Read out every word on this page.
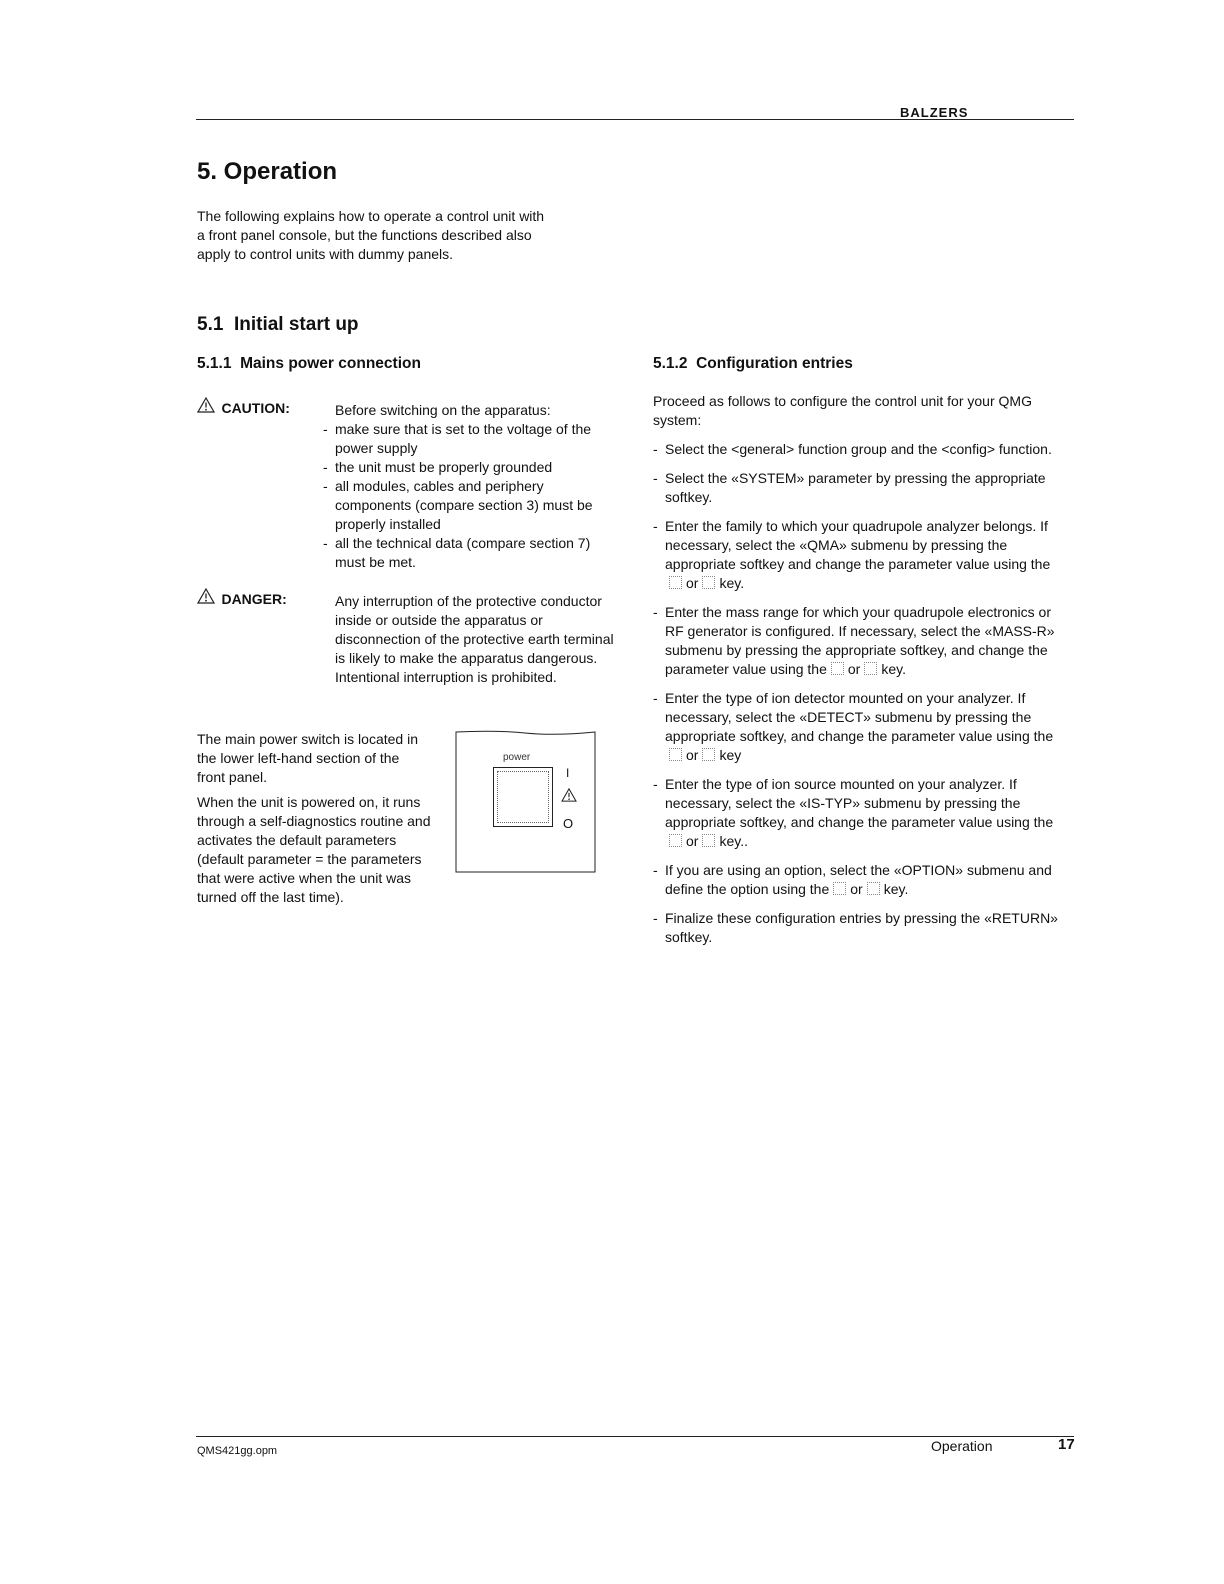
BALZERS
5. Operation
The following explains how to operate a control unit with
a front panel console, but the functions described also
apply to control units with dummy panels.
5.1  Initial start up
5.1.1  Mains power connection
CAUTION:	Before switching on the apparatus:
- make sure that is set to the voltage of the power supply
- the unit must be properly grounded
- all modules, cables and periphery components (compare section 3) must be properly installed
- all the technical data (compare section 7) must be met.
DANGER:	Any interruption of the protective conductor inside or outside the apparatus or disconnection of the protective earth terminal is likely to make the apparatus dangerous. Intentional interruption is prohibited.
The main power switch is located in the lower left-hand section of the front panel.
When the unit is powered on, it runs through a self-diagnostics routine and activates the default parameters (default parameter = the parameters that were active when the unit was turned off the last time).
power
I
O
5.1.2  Configuration entries
Proceed as follows to configure the control unit for your QMG system:
- Select the <general> function group and the <config> function.
- Select the «SYSTEM» parameter by pressing the appropriate softkey.
- Enter the family to which your quadrupole analyzer belongs. If necessary, select the «QMA» submenu by pressing the appropriate softkey and change the parameter value using theor key.
- Enter the mass range for which your quadrupole electronics or RF generator is configured. If necessary, select the «MASS-R» submenu by pressing the appropriate softkey, and change the parameter value using the or key.
- Enter the type of ion detector mounted on your analyzer. If necessary, select the «DETECT» submenu by pressing the appropriate softkey, and change the parameter value using theor key
- Enter the type of ion source mounted on your analyzer. If necessary, select the «IS-TYP» submenu by pressing the appropriate softkey, and change the parameter value using theor key..
- If you are using an option, select the «OPTION» submenu and define the option using the or key.
- Finalize these configuration entries by pressing the «RETURN» softkey.
QMS421gg.opm	Operation	17
